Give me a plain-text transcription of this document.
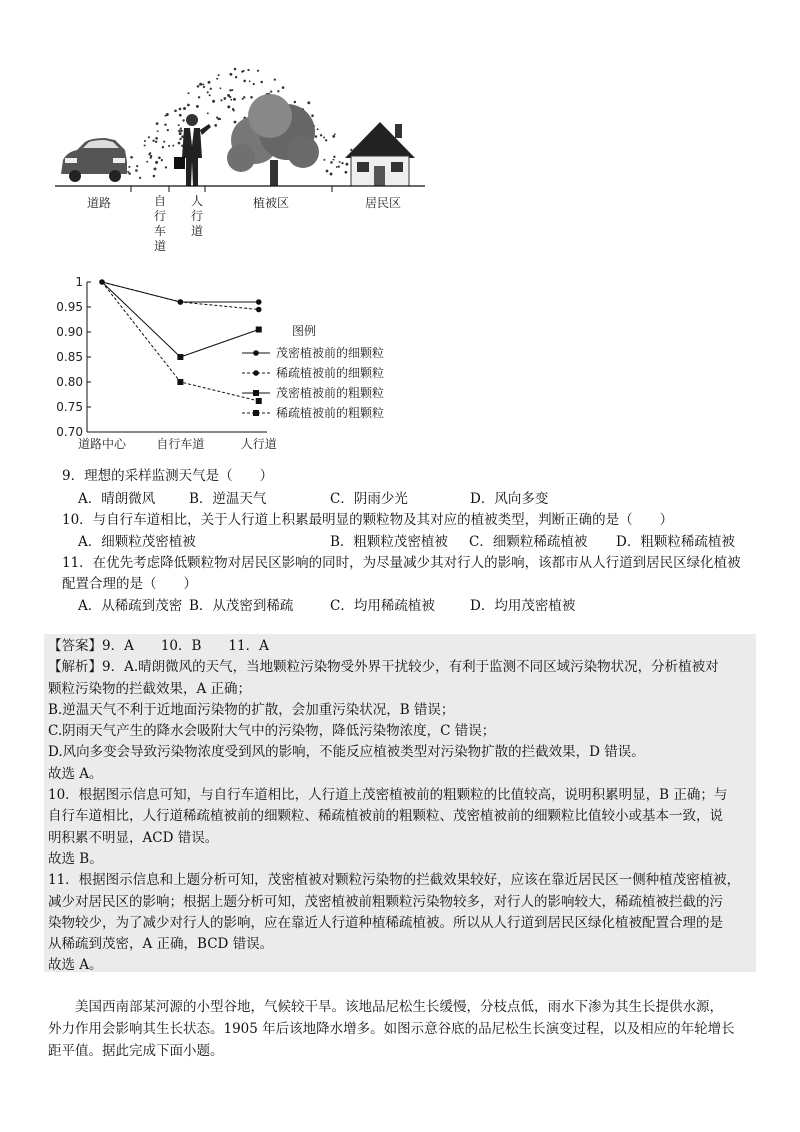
道路	自行车道
人行道
植被区	居民区
1
0.95
0.90
0.85
0.80
0.75
0.70
道路中心	自行车道	人行道
图例
茂密植被前的细颗粒
稀疏植被前的细颗粒
茂密植被前的粗颗粒
稀疏植被前的粗颗粒
9．理想的采样监测天气是（　　）
A．晴朗微风	B．逆温天气	C．阴雨少光	D．风向多变
10．与自行车道相比，关于人行道上积累最明显的颗粒物及其对应的植被类型，判断正确的是（　　）
A．细颗粒茂密植被	B．粗颗粒茂密植被 C．细颗粒稀疏植被 D．粗颗粒稀疏植被
11．在优先考虑降低颗粒物对居民区影响的同时，为尽量减少其对行人的影响，该都市从人行道到居民区绿化植被
配置合理的是（　　）
A．从稀疏到茂密 B．从茂密到稀疏	C．均用稀疏植被	D．均用茂密植被
【答案】9．A　　10．B　　11．A
【解析】9．A.晴朗微风的天气，当地颗粒污染物受外界干扰较少，有利于监测不同区域污染物状况，分析植被对
颗粒污染物的拦截效果，A 正确；
B.逆温天气不利于近地面污染物的扩散，会加重污染状况，B 错误；
C.阴雨天气产生的降水会吸附大气中的污染物，降低污染物浓度，C 错误；
D.风向多变会导致污染物浓度受到风的影响，不能反应植被类型对污染物扩散的拦截效果，D 错误。
故选 A。
10．根据图示信息可知，与自行车道相比，人行道上茂密植被前的粗颗粒的比值较高，说明积累明显，B 正确；与
自行车道相比，人行道稀疏植被前的细颗粒、稀疏植被前的粗颗粒、茂密植被前的细颗粒比值较小或基本一致，说
明积累不明显，ACD 错误。
故选 B。
11．根据图示信息和上题分析可知，茂密植被对颗粒污染物的拦截效果较好，应该在靠近居民区一侧种植茂密植被，
减少对居民区的影响；根据上题分析可知，茂密植被前粗颗粒污染物较多，对行人的影响较大，稀疏植被拦截的污
染物较少，为了减少对行人的影响，应在靠近人行道种植稀疏植被。所以从人行道到居民区绿化植被配置合理的是
从稀疏到茂密，A 正确，BCD 错误。
故选 A。
　　美国西南部某河源的小型谷地，气候较干旱。该地品尼松生长缓慢，分枝点低，雨水下渗为其生长提供水源，
外力作用会影响其生长状态。1905 年后该地降水增多。如图示意谷底的品尼松生长演变过程，以及相应的年轮增长
距平值。据此完成下面小题。
